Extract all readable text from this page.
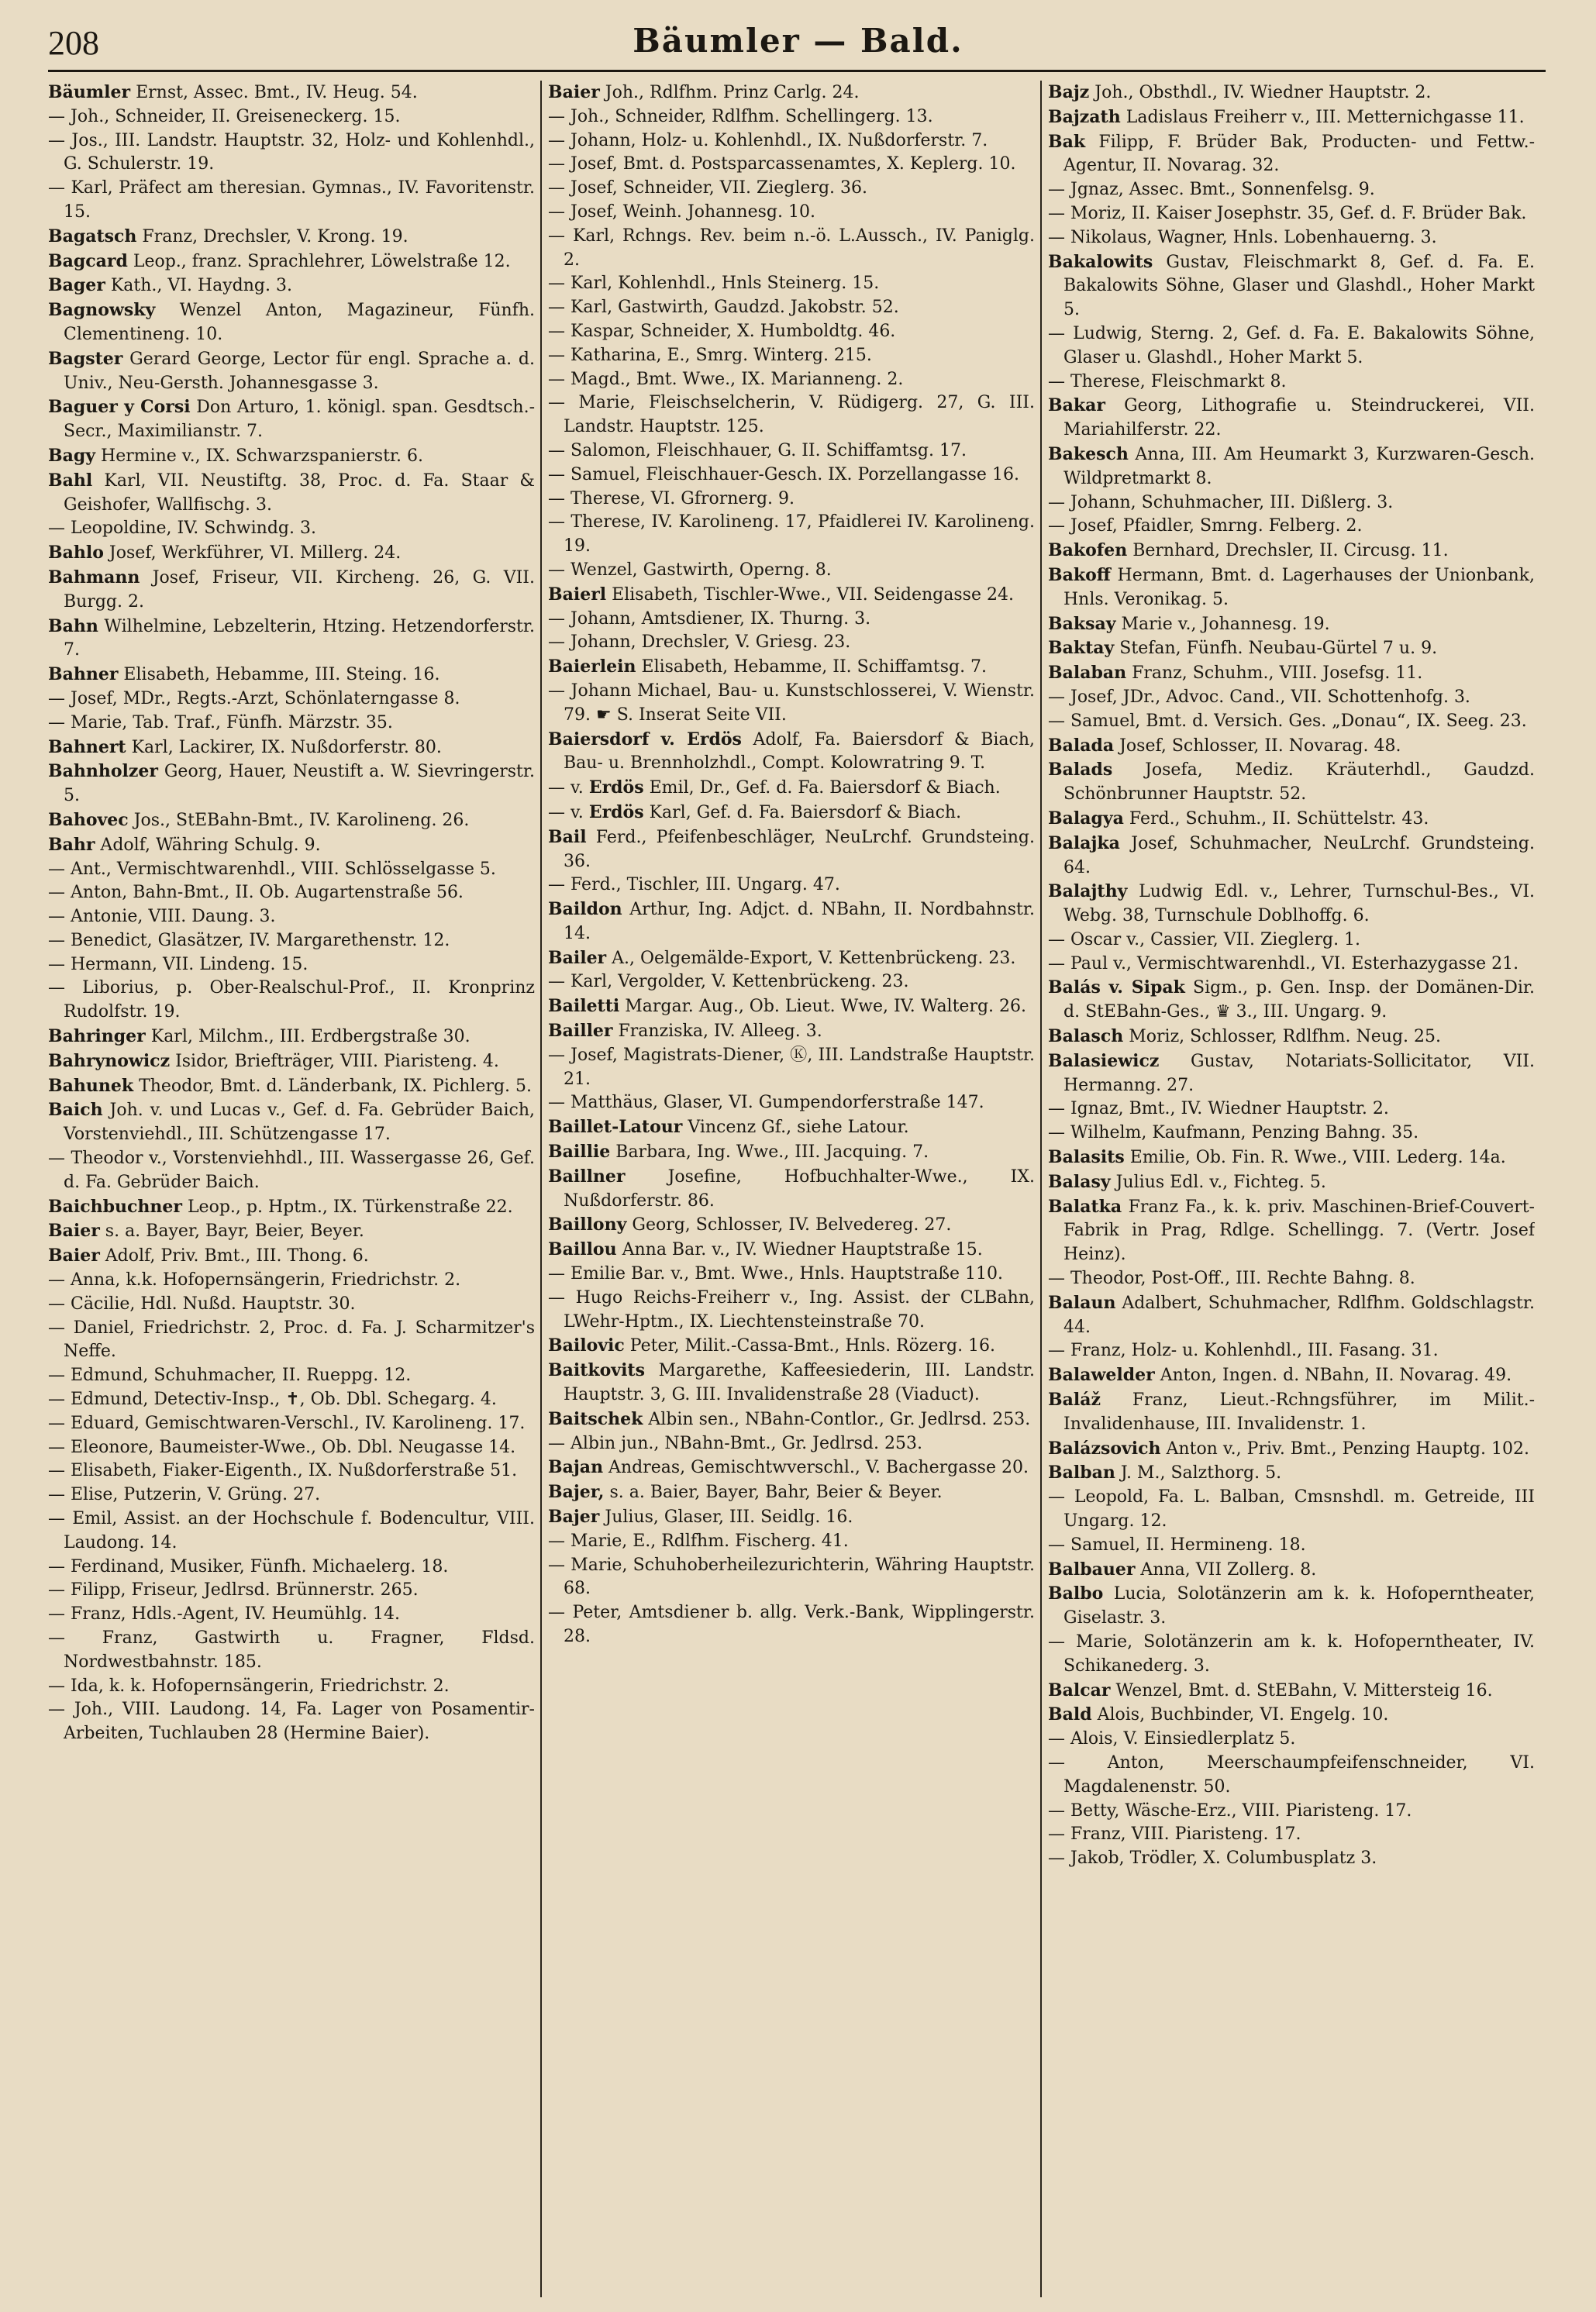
208	Bäumler — Bald.

Bäumler Ernst, Assec. Bmt., IV. Heug. 54.

— Joh., Schneider, II. Greiseneckerg. 15.

— Jos., III. Landstr. Hauptstr. 32, Holz- und Kohlenhdl., G. Schulerstr. 19.

— Karl, Präfect am theresian. Gymnas., IV. Favoritenstr. 15.

Bagatsch Franz, Drechsler, V. Krong. 19.

Bagcard Leop., franz. Sprachlehrer, Löwelstraße 12.

Bager Kath., VI. Haydng. 3.

Bagnowsky Wenzel Anton, Magazineur, Fünfh. Clementineng. 10.

Bagster Gerard George, Lector für engl. Sprache a. d. Univ., Neu-Gersth. Johannesgasse 3.

Baguer y Corsi Don Arturo, 1. königl. span. Gesdtsch.-Secr., Maximilianstr. 7.

Bagy Hermine v., IX. Schwarzspanierstr. 6.

Bahl Karl, VII. Neustiftg. 38, Proc. d. Fa. Staar & Geishofer, Wallfischg. 3.

— Leopoldine, IV. Schwindg. 3.

Bahlo Josef, Werkführer, VI. Millerg. 24.

Bahmann Josef, Friseur, VII. Kircheng. 26, G. VII. Burgg. 2.

Bahn Wilhelmine, Lebzelterin, Htzing. Hetzendorferstr. 7.

Bahner Elisabeth, Hebamme, III. Steing. 16.

— Josef, MDr., Regts.-Arzt, Schönlaterngasse 8.

— Marie, Tab. Traf., Fünfh. Märzstr. 35.

Bahnert Karl, Lackirer, IX. Nußdorferstr. 80.

Bahnholzer Georg, Hauer, Neustift a. W. Sievringerstr. 5.

Bahovec Jos., StEBahn-Bmt., IV. Karolineng. 26.

Bahr Adolf, Währing Schulg. 9.

— Ant., Vermischtwarenhdl., VIII. Schlösselgasse 5.

— Anton, Bahn-Bmt., II. Ob. Augartenstraße 56.

— Antonie, VIII. Daung. 3.

— Benedict, Glasätzer, IV. Margarethenstr. 12.

— Hermann, VII. Lindeng. 15.

— Liborius, p. Ober-Realschul-Prof., II. Kronprinz Rudolfstr. 19.

Bahringer Karl, Milchm., III. Erdbergstraße 30.

Bahrynowicz Isidor, Briefträger, VIII. Piaristeng. 4.

Bahunek Theodor, Bmt. d. Länderbank, IX. Pichlerg. 5.

Baich Joh. v. und Lucas v., Gef. d. Fa. Gebrüder Baich, Vorstenviehdl., III. Schützengasse 17.

— Theodor v., Vorstenviehhdl., III. Wassergasse 26, Gef. d. Fa. Gebrüder Baich.

Baichbuchner Leop., p. Hptm., IX. Türkenstraße 22.

Baier s. a. Bayer, Bayr, Beier, Beyer.

Baier Adolf, Priv. Bmt., III. Thong. 6.

— Anna, k.k. Hofopernsängerin, Friedrichstr. 2.

— Cäcilie, Hdl. Nußd. Hauptstr. 30.

— Daniel, Friedrichstr. 2, Proc. d. Fa. J. Scharmitzer's Neffe.

— Edmund, Schuhmacher, II. Rueppg. 12.

— Edmund, Detectiv-Insp., ✝, Ob. Dbl. Schegarg. 4.

— Eduard, Gemischtwaren-Verschl., IV. Karolineng. 17.

— Eleonore, Baumeister-Wwe., Ob. Dbl. Neugasse 14.

— Elisabeth, Fiaker-Eigenth., IX. Nußdorferstraße 51.

— Elise, Putzerin, V. Grüng. 27.

— Emil, Assist. an der Hochschule f. Bodencultur, VIII. Laudong. 14.

— Ferdinand, Musiker, Fünfh. Michaelerg. 18.

— Filipp, Friseur, Jedlrsd. Brünnerstr. 265.

— Franz, Hdls.-Agent, IV. Heumühlg. 14.

— Franz, Gastwirth u. Fragner, Fldsd. Nordwestbahnstr. 185.

— Ida, k. k. Hofopernsängerin, Friedrichstr. 2.

— Joh., VIII. Laudong. 14, Fa. Lager von Posamentir-Arbeiten, Tuchlauben 28 (Hermine Baier).

Baier Joh., Rdlfhm. Prinz Carlg. 24.

— Joh., Schneider, Rdlfhm. Schellingerg. 13.

— Johann, Holz- u. Kohlenhdl., IX. Nußdorferstr. 7.

— Josef, Bmt. d. Postsparcassenamtes, X. Keplerg. 10.

— Josef, Schneider, VII. Zieglerg. 36.

— Josef, Weinh. Johannesg. 10.

— Karl, Rchngs. Rev. beim n.-ö. L.Aussch., IV. Paniglg. 2.

— Karl, Kohlenhdl., Hnls Steinerg. 15.

— Karl, Gastwirth, Gaudzd. Jakobstr. 52.

— Kaspar, Schneider, X. Humboldtg. 46.

— Katharina, E., Smrg. Winterg. 215.

— Magd., Bmt. Wwe., IX. Marianneng. 2.

— Marie, Fleischselcherin, V. Rüdigerg. 27, G. III. Landstr. Hauptstr. 125.

— Salomon, Fleischhauer, G. II. Schiffamtsg. 17.

— Samuel, Fleischhauer-Gesch. IX. Porzellangasse 16.

— Therese, VI. Gfrornerg. 9.

— Therese, IV. Karolineng. 17, Pfaidlerei IV. Karolineng. 19.

— Wenzel, Gastwirth, Operng. 8.

Baierl Elisabeth, Tischler-Wwe., VII. Seidengasse 24.

— Johann, Amtsdiener, IX. Thurng. 3.

— Johann, Drechsler, V. Griesg. 23.

Baierlein Elisabeth, Hebamme, II. Schiffamtsg. 7.

— Johann Michael, Bau- u. Kunstschlosserei, V. Wienstr. 79. ☛ S. Inserat Seite VII.

Baiersdorf v. Erdös Adolf, Fa. Baiersdorf & Biach, Bau- u. Brennholzhdl., Compt. Kolowratring 9. T.

— v. Erdös Emil, Dr., Gef. d. Fa. Baiersdorf & Biach.

— v. Erdös Karl, Gef. d. Fa. Baiersdorf & Biach.

Bail Ferd., Pfeifenbeschläger, NeuLrchf. Grundsteing. 36.

— Ferd., Tischler, III. Ungarg. 47.

Baildon Arthur, Ing. Adjct. d. NBahn, II. Nordbahnstr. 14.

Bailer A., Oelgemälde-Export, V. Kettenbrückeng. 23.

— Karl, Vergolder, V. Kettenbrückeng. 23.

Bailetti Margar. Aug., Ob. Lieut. Wwe, IV. Walterg. 26.

Bailler Franziska, IV. Alleeg. 3.

— Josef, Magistrats-Diener, Ⓚ, III. Landstraße Hauptstr. 21.

— Matthäus, Glaser, VI. Gumpendorferstraße 147.

Baillet-Latour Vincenz Gf., siehe Latour.

Baillie Barbara, Ing. Wwe., III. Jacquing. 7.

Baillner Josefine, Hofbuchhalter-Wwe., IX. Nußdorferstr. 86.

Baillony Georg, Schlosser, IV. Belvedereg. 27.

Baillou Anna Bar. v., IV. Wiedner Hauptstraße 15.

— Emilie Bar. v., Bmt. Wwe., Hnls. Hauptstraße 110.

— Hugo Reichs-Freiherr v., Ing. Assist. der CLBahn, LWehr-Hptm., IX. Liechtensteinstraße 70.

Bailovic Peter, Milit.-Cassa-Bmt., Hnls. Rözerg. 16.

Baitkovits Margarethe, Kaffeesiederin, III. Landstr. Hauptstr. 3, G. III. Invalidenstraße 28 (Viaduct).

Baitschek Albin sen., NBahn-Contlor., Gr. Jedlrsd. 253.

— Albin jun., NBahn-Bmt., Gr. Jedlrsd. 253.

Bajan Andreas, Gemischtwverschl., V. Bachergasse 20.

Bajer, s. a. Baier, Bayer, Bahr, Beier & Beyer.

Bajer Julius, Glaser, III. Seidlg. 16.

— Marie, E., Rdlfhm. Fischerg. 41.

— Marie, Schuhoberheilezurichterin, Währing Hauptstr. 68.

— Peter, Amtsdiener b. allg. Verk.-Bank, Wipplingerstr. 28.

Bajz Joh., Obsthdl., IV. Wiedner Hauptstr. 2.

Bajzath Ladislaus Freiherr v., III. Metternichgasse 11.

Bak Filipp, F. Brüder Bak, Producten- und Fettw.-Agentur, II. Novarag. 32.

— Jgnaz, Assec. Bmt., Sonnenfelsg. 9.

— Moriz, II. Kaiser Josephstr. 35, Gef. d. F. Brüder Bak.

— Nikolaus, Wagner, Hnls. Lobenhauerng. 3.

Bakalowits Gustav, Fleischmarkt 8, Gef. d. Fa. E. Bakalowits Söhne, Glaser und Glashdl., Hoher Markt 5.

— Ludwig, Sterng. 2, Gef. d. Fa. E. Bakalowits Söhne, Glaser u. Glashdl., Hoher Markt 5.

— Therese, Fleischmarkt 8.

Bakar Georg, Lithografie u. Steindruckerei, VII. Mariahilferstr. 22.

Bakesch Anna, III. Am Heumarkt 3, Kurzwaren-Gesch. Wildpretmarkt 8.

— Johann, Schuhmacher, III. Dißlerg. 3.

— Josef, Pfaidler, Smrng. Felberg. 2.

Bakofen Bernhard, Drechsler, II. Circusg. 11.

Bakoff Hermann, Bmt. d. Lagerhauses der Unionbank, Hnls. Veronikag. 5.

Baksay Marie v., Johannesg. 19.

Baktay Stefan, Fünfh. Neubau-Gürtel 7 u. 9.

Balaban Franz, Schuhm., VIII. Josefsg. 11.

— Josef, JDr., Advoc. Cand., VII. Schottenhofg. 3.

— Samuel, Bmt. d. Versich. Ges. „Donau“, IX. Seeg. 23.

Balada Josef, Schlosser, II. Novarag. 48.

Balads Josefa, Mediz. Kräuterhdl., Gaudzd. Schönbrunner Hauptstr. 52.

Balagya Ferd., Schuhm., II. Schüttelstr. 43.

Balajka Josef, Schuhmacher, NeuLrchf. Grundsteing. 64.

Balajthy Ludwig Edl. v., Lehrer, Turnschul-Bes., VI. Webg. 38, Turnschule Doblhoffg. 6.

— Oscar v., Cassier, VII. Zieglerg. 1.

— Paul v., Vermischtwarenhdl., VI. Esterhazygasse 21.

Balás v. Sipak Sigm., p. Gen. Insp. der Domänen-Dir. d. StEBahn-Ges., ♛ 3., III. Ungarg. 9.

Balasch Moriz, Schlosser, Rdlfhm. Neug. 25.

Balasiewicz Gustav, Notariats-Sollicitator, VII. Hermanng. 27.

— Ignaz, Bmt., IV. Wiedner Hauptstr. 2.

— Wilhelm, Kaufmann, Penzing Bahng. 35.

Balasits Emilie, Ob. Fin. R. Wwe., VIII. Lederg. 14a.

Balasy Julius Edl. v., Fichteg. 5.

Balatka Franz Fa., k. k. priv. Maschinen-Brief-Couvert-Fabrik in Prag, Rdlge. Schellingg. 7. (Vertr. Josef Heinz).

— Theodor, Post-Off., III. Rechte Bahng. 8.

Balaun Adalbert, Schuhmacher, Rdlfhm. Goldschlagstr. 44.

— Franz, Holz- u. Kohlenhdl., III. Fasang. 31.

Balawelder Anton, Ingen. d. NBahn, II. Novarag. 49.

Baláž Franz, Lieut.-Rchngsführer, im Milit.-Invalidenhause, III. Invalidenstr. 1.

Balázsovich Anton v., Priv. Bmt., Penzing Hauptg. 102.

Balban J. M., Salzthorg. 5.

— Leopold, Fa. L. Balban, Cmsnshdl. m. Getreide, III Ungarg. 12.

— Samuel, II. Hermineng. 18.

Balbauer Anna, VII Zollerg. 8.

Balbo Lucia, Solotänzerin am k. k. Hofoperntheater, Giselastr. 3.

— Marie, Solotänzerin am k. k. Hofoperntheater, IV. Schikanederg. 3.

Balcar Wenzel, Bmt. d. StEBahn, V. Mittersteig 16.

Bald Alois, Buchbinder, VI. Engelg. 10.

— Alois, V. Einsiedlerplatz 5.

— Anton, Meerschaumpfeifenschneider, VI. Magdalenenstr. 50.

— Betty, Wäsche-Erz., VIII. Piaristeng. 17.

— Franz, VIII. Piaristeng. 17.

— Jakob, Trödler, X. Columbusplatz 3.
